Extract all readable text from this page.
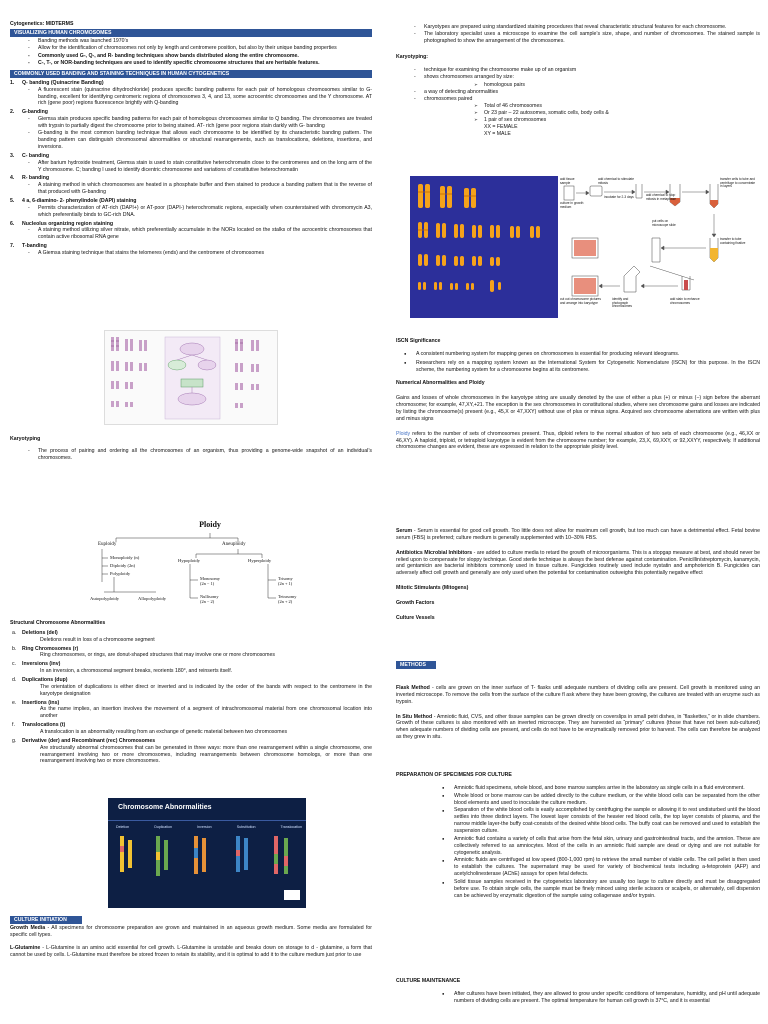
Cytogenetics: MIDTERMS
VISUALIZING HUMAN CHROMOSOMES
- Banding methods was launched 1970’s
- Allow for the identification of chromosomes not only by length and centromere position, but also by their unique banding properties
- Commonly used G-, Q-, and R- banding techniques show bands distributed along the entire chromosome.
- C-, T-, or NOR-banding techniques are used to identify specific chromosome structures that are heritable features.
COMMONLY USED BANDING AND STAINING TECHNIQUES IN HUMAN CYTOGENETICS
1. Q- banding (Quinacrine Banding)
- A fluorescent stain (quinacrine dihydrochloride) produces specific banding patterns for each pair of homologous chromosomes similar to G- banding, excellent for identifying centromeric regions of chromosomes 3, 4, and 13, some acrocentric chromosomes and the Y chromosome. AT rich (gene poor) regions fluorescence brightly with Q-banding
2. G-banding
- Giemsa stain produces specific banding patterns for each pair of homologous chromosomes similar to Q banding. The chromosomes are treated with trypsin to partially digest the chromosome prior to being stained. AT- rich (gene poor regions stain darkly with G- banding
- G-banding is the most common banding technique that allows each chromosome to be identified by its characteristic banding pattern. The banding pattern can distinguish chromosomal abnormalities or structural rearrangements, such as translocations, deletions, insertions, and inversions.
3. C- banding
- After barium hydroxide treatment, Giemsa stain is used to stain constitutive heterochromatin close to the centromeres and on the long arm of the Y chromosome. C; banding I used to identify dicentric chromosome and variations of constitutive heterochromatin
4. R- banding
- A staining method in which chromosomes are heated in a phosphate buffer and then stained to produce a banding pattern that is the reverse of that produced with G-banding
5. 4 a, 6-diamino- 2- phenylindole (DAPI) staining
- Permits characterization of AT-rich (DAPI+) or AT-poor (DAPI-) heterochromatic regions, especially when counterstained with chromomycin A3, which preferentially binds to GC-rich DNA.
6. Nucleolus organizing region staining
- A staining method utilizing silver nitrate, which preferentially accumulate in the NORs located on the stalks of the acrocentric chromosomes that contain active ribosomal RNA gene
7. T-banding
- A Giemsa staining technique that stains the telomeres (ends) and the centromere of chromosomes
Karyotyping
- The process of pairing and ordering all the chromosomes of an organism, thus providing a genome-wide snapshot of an individual’s chromosomes.
Ploidy
Euploidy	Aneuploidy
Monoploidy (n)
Diploidy (2n)
Polyploidy
Autopolyploidy	Allopolyploidy
Hypoploidy	Hyperploidy
Monosomy
(2n − 1)
Nullisomy
(2n − 2)
Trisomy
(2n + 1)
Tetrasomy
(2n + 2)
Structural Chromosome Abnormalities
a. Deletions (del)
Deletions result in loss of a chromosome segment
b. Ring Chromosomes (r)
Ring chromosomes, or rings, are donut-shaped structures that may involve one or more chromosomes
c. Inversions (inv)
In an inversion, a chromosomal segment breaks, reorients 180°, and reinserts itself.
d. Duplications (dup)
The orientation of duplications is either direct or inverted and is indicated by the order of the bands with respect to the centromere in the karyotype designation
e. Insertions (ins)
As the name implies, an insertion involves the movement of a segment of intrachromosomal material from one chromosomal location into another
f. Translocations (t)
A translocation is an abnormality resulting from an exchange of genetic material between two chromosomes
g. Derivative (der) and Recombinant (rec) Chromosomes
Are structurally abnormal chromosomes that can be generated in three ways: more than one rearrangement within a single chromosome, one rearrangement involving two or more chromosomes, including rearrangements between chromosome homologs, or more than one rearrangement involving two or more chromosomes.
Chromosome Abnormalities
Deletion	Duplication	Inversion	Substitution	Translocation
CULTURE INITIATION
Growth Media - All specimens for chromosome preparation are grown and maintained in an aqueous growth medium. Some media are formulated for specific cell types.
L-Glutamine - L-Glutamine is an amino acid essential for cell growth. L-Glutamine is unstable and breaks down on storage to d - glutamine, a form that cannot be used by cells. L-Glutamine must therefore be stored frozen to retain its stability, and it is optimal to add it to the culture medium just prior to use
- Karyotypes are prepared using standardized staining procedures that reveal characteristic structural features for each chromosome.
- The laboratory specialist uses a microscope to examine the cell sample’s size, shape, and number of chromosomes. The stained sample is photographed to show the arrangement of the chromosomes.
Karyotyping:
- technique for examining the chromosome make up of an organism
- shows chromosomes arranged by size:
➢ homologous pairs
- a way of detecting abnormalities
- chromosomes paired
➢ Total of 46 chromosomes
➢ Or 23 pair – 22 autosomes, somatic cells, body cells &
➢ 1 pair of sex chromosomes
XX = FEMALE
XY = MALE
add tissue sample
add chemical to stimulate mitosis
incubate for 2-3 days	add chemical to stop mitosis in metaphase
transfer cells to tube and centrifuge to concentrate in layers
culture in growth medium
put cells on microscope slide
transfer to tube containing fixative
cut out chromosome pictures and arrange into karyotype
identify and photograph chromosomes
add stain to enhance chromosomes
ISCN Significance
● A consistent numbering system for mapping genes on chromosomes is essential for producing relevant ideograms.
● Researchers rely on a mapping system known as the International System for Cytogenetic Nomenclature (ISCN) for this purpose. In the ISCN scheme, the numbering system for a chromosome begins at its centromere.
Numerical Abnormalities and Ploidy
Gains and losses of whole chromosomes in the karyotype string are usually denoted by the use of either a plus (+) or minus (−) sign before the aberrant chromosome; for example, 47,XY,+21. The exception is the sex chromosomes in constitutional studies, where sex chromosome gains and losses are indicated by listing the chromosome(s) present (e.g., 45,X or 47,XXY) without use of plus or minus signs. Acquired sex chromosome aberrations are written with plus and minus signs
Ploidy refers to the number of sets of chromosomes present. Thus, diploid refers to the normal situation of two sets of each chromosome (e.g., 46,XX or 46,XY). A haploid, triploid, or tetraploid karyotype is evident from the chromosome number; for example, 23,X, 69,XXY, or 92,XXYY, respectively. If additional chromosome changes are evident, these are expressed in relation to the appropriate ploidy level.
Serum - Serum is essential for good cell growth. Too little does not allow for maximum cell growth, but too much can have a detrimental effect. Fetal bovine serum (FBS) is preferred; culture medium is generally supplemented with 10–30% FBS.
Antibiotics Microbial Inhibitors - are added to culture media to retard the growth of microorganisms. This is a stopgap measure at best, and should never be relied upon to compensate for sloppy technique. Good sterile technique is always the best defense against contamination. Penicillin/streptomycin, kanamycin, and gentamicin are bacterial inhibitors commonly used in tissue culture. Fungicides routinely used include nystatin and amphotericin B. Fungicides can adversely affect cell growth and generally are only used when the potential for contamination outweighs this potentially negative effect
Mitotic Stimulants (Mitogens)
Growth Factors
Culture Vessels
METHODS
Flask Method - cells are grown on the inner surface of T- flasks until adequate numbers of dividing cells are present. Cell growth is monitored using an inverted microscope. To remove the cells from the surface of the culture fl ask where they have been growing, the cultures are treated with an enzyme such as trypsin.
In Situ Method - Amniotic fluid, CVS, and other tissue samples can be grown directly on coverslips in small petri dishes, in “flaskettes,” or in slide chambers. Growth of these cultures is also monitored with an inverted microscope. They are harvested as “primary” cultures (those that have not been sub-cultured) when adequate numbers of dividing cells are present, and cells do not have to be enzymatically removed prior to harvest. The cells can therefore be analyzed as they grew in situ.
PREPARATION OF SPECIMENS FOR CULTURE
● Amniotic fluid specimens, whole blood, and bone marrow samples arrive in the laboratory as single cells in a fluid environment.
● Whole blood or bone marrow can be added directly to the culture medium, or the white blood cells can be separated from the other blood elements and used to inoculate the culture medium.
● Separation of the white blood cells is easily accomplished by centrifuging the sample or allowing it to rest undisturbed until the blood settles into three distinct layers. The lowest layer consists of the heavier red blood cells, the top layer consists of plasma, and the narrow middle layer-the buffy coat-consists of the desired white blood cells. The buffy coat can be removed and used to establish the suspension culture.
● Amniotic fluid contains a variety of cells that arise from the fetal skin, urinary and gastrointestinal tracts, and the amnion. These are collectively referred to as amniocytes. Most of the cells in an amniotic fluid sample are dead or dying and are not suitable for cytogenetic analysis.
● Amniotic fluids are centrifuged at low speed (800-1,000 rpm) to retrieve the small number of viable cells. The cell pellet is then used to establish the cultures. The supernatant may be used for variety of biochemical tests including a-fetoprotein (AFP) and acetylcholinesterase (AChE) assays for open fetal defects.
● Solid tissue samples received in the cytogenetics laboratory are usually too large to culture directly and must be disaggregated before use. To obtain single cells, the sample must be finely minced using sterile scissors or scalpels, or alternately, cell dispersion can be achieved by enzymatic digestion of the sample using collagenase and/or trypsin.
CULTURE MAINTENANCE
● After cultures have been initiated, they are allowed to grow under specific conditions of temperature, humidity, and pH until adequate numbers of dividing cells are present. The optimal temperature for human cell growth is 37°C, and it is essential
